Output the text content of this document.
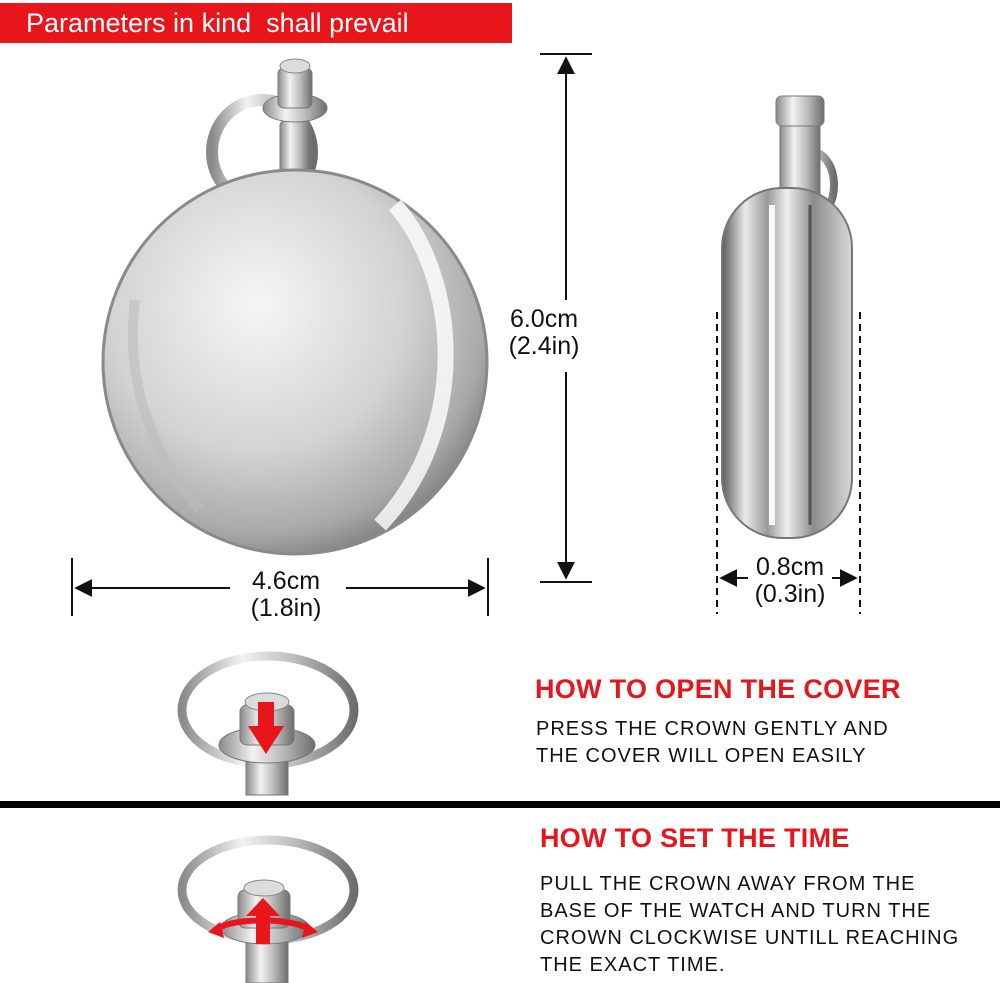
Parameters in kind  shall prevail
6.0cm
(2.4in)
4.6cm
(1.8in)
0.8cm
(0.3in)
HOW TO OPEN THE COVER
PRESS THE CROWN GENTLY AND
THE COVER WILL OPEN EASILY
HOW TO SET THE TIME
PULL THE CROWN AWAY FROM THE
BASE OF THE WATCH AND TURN THE
CROWN CLOCKWISE UNTILL REACHING
THE EXACT TIME.
